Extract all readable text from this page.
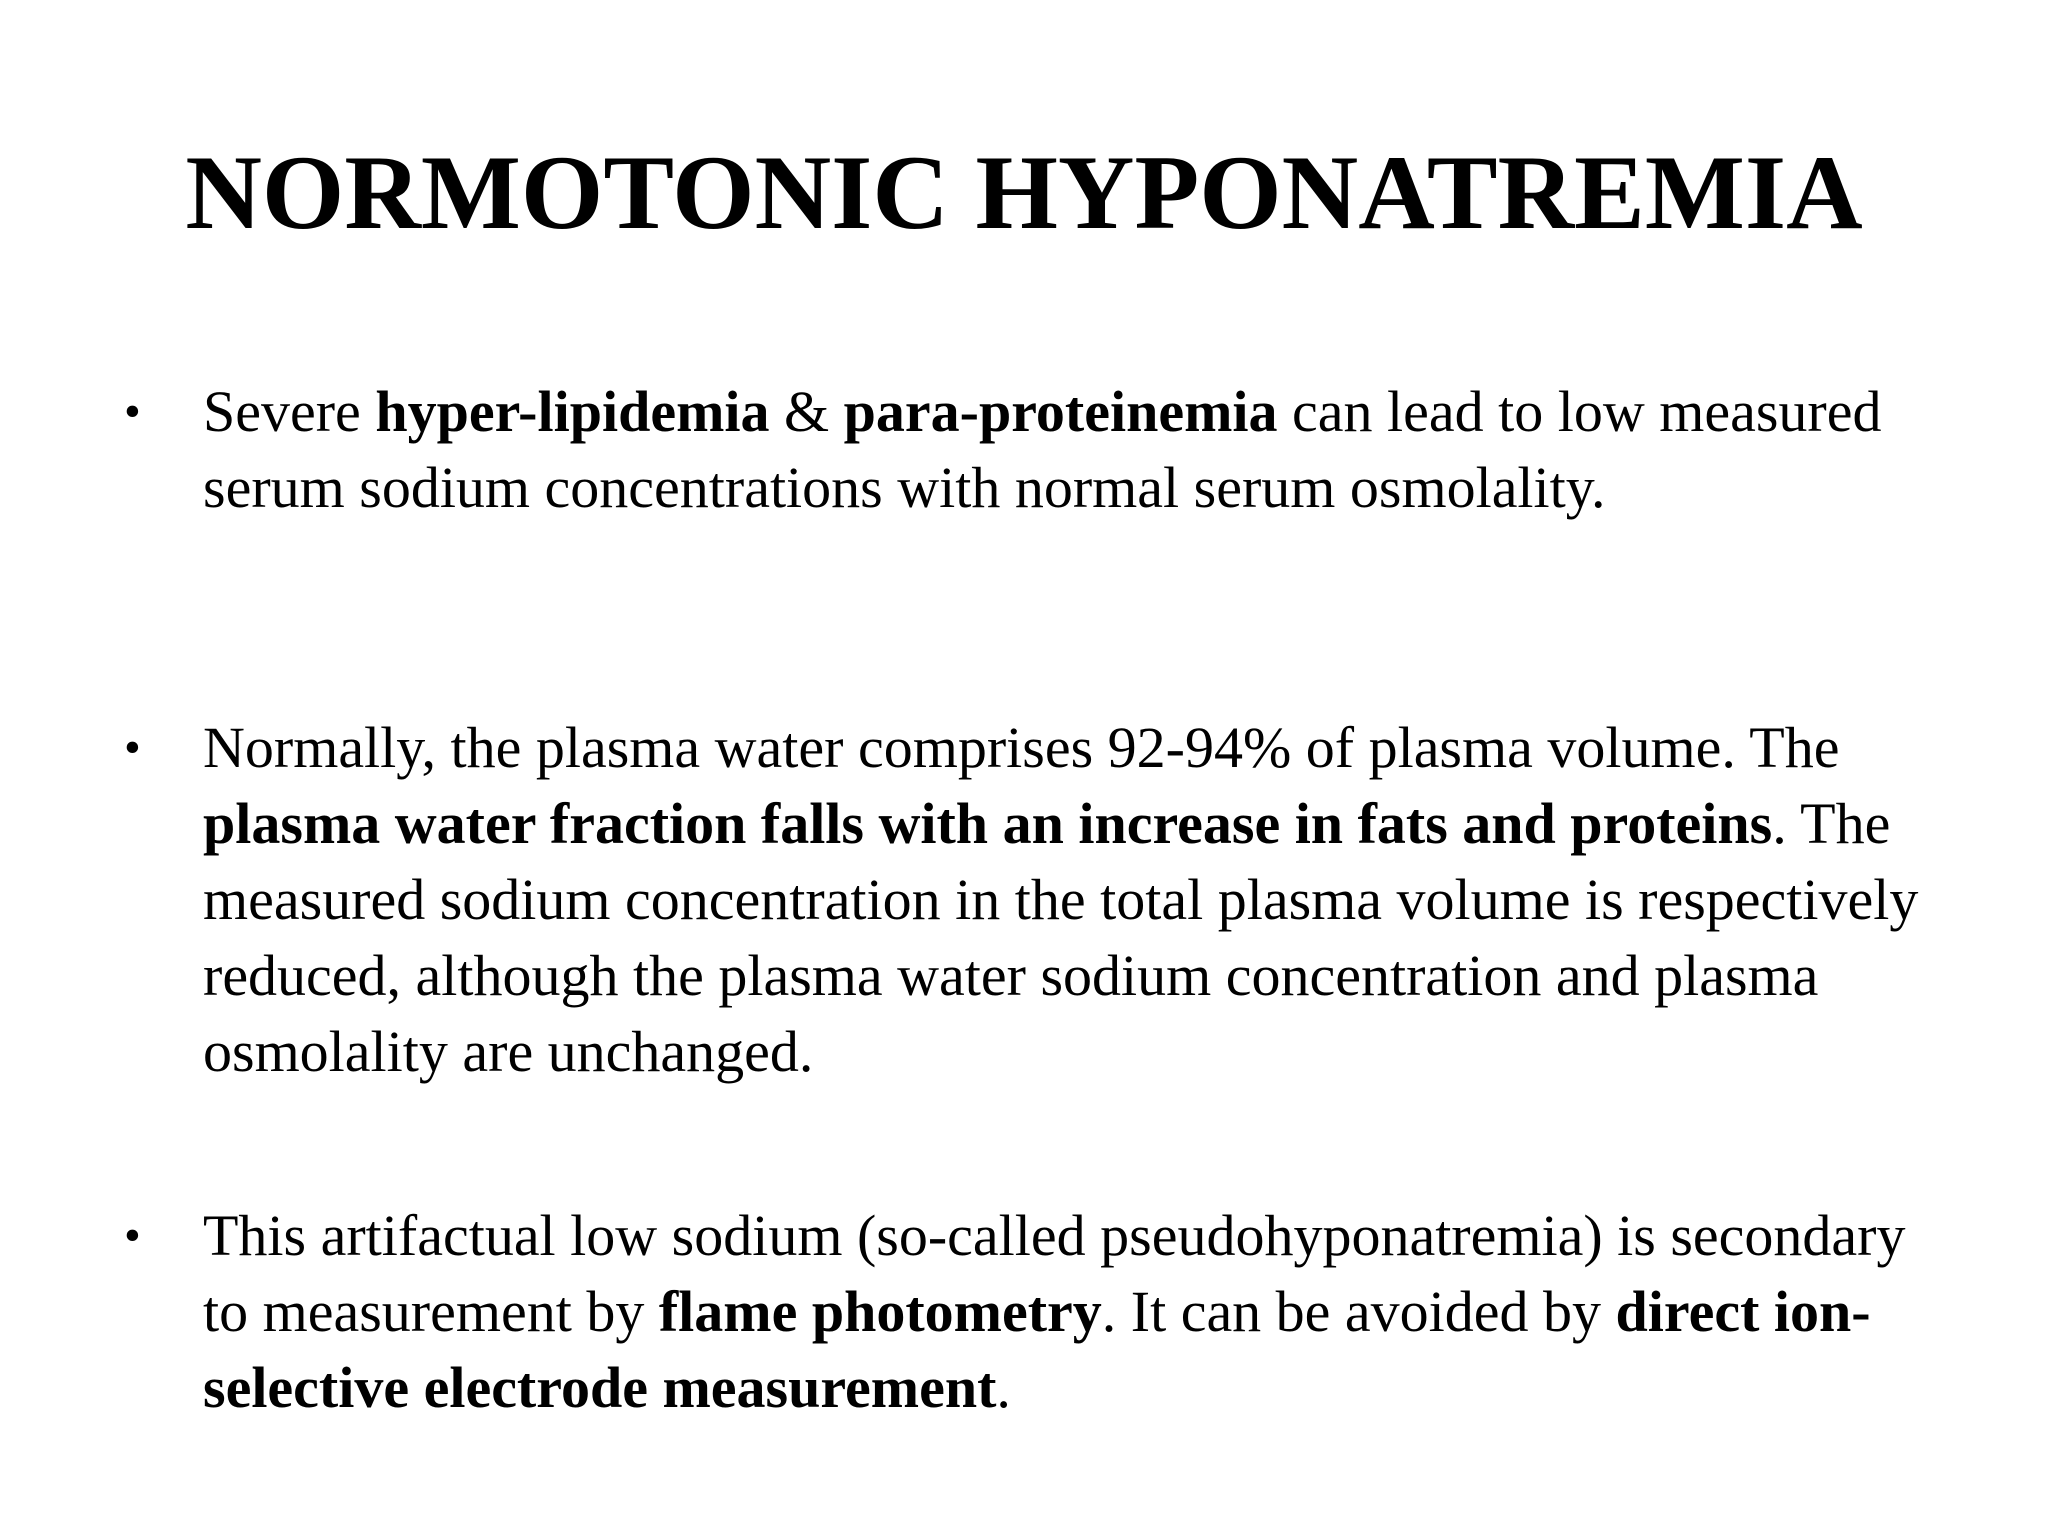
NORMOTONIC HYPONATREMIA
•	Severe hyper-lipidemia & para-proteinemia can lead to low measured serum sodium concentrations with normal serum osmolality.
•	Normally, the plasma water comprises 92-94% of plasma volume. The plasma water fraction falls with an increase in fats and proteins. The measured sodium concentration in the total plasma volume is respectively reduced, although the plasma water sodium concentration and plasma osmolality are unchanged.
•	This artifactual low sodium (so-called pseudohyponatremia) is secondary to measurement by flame photometry. It can be avoided by direct ion-selective electrode measurement.
